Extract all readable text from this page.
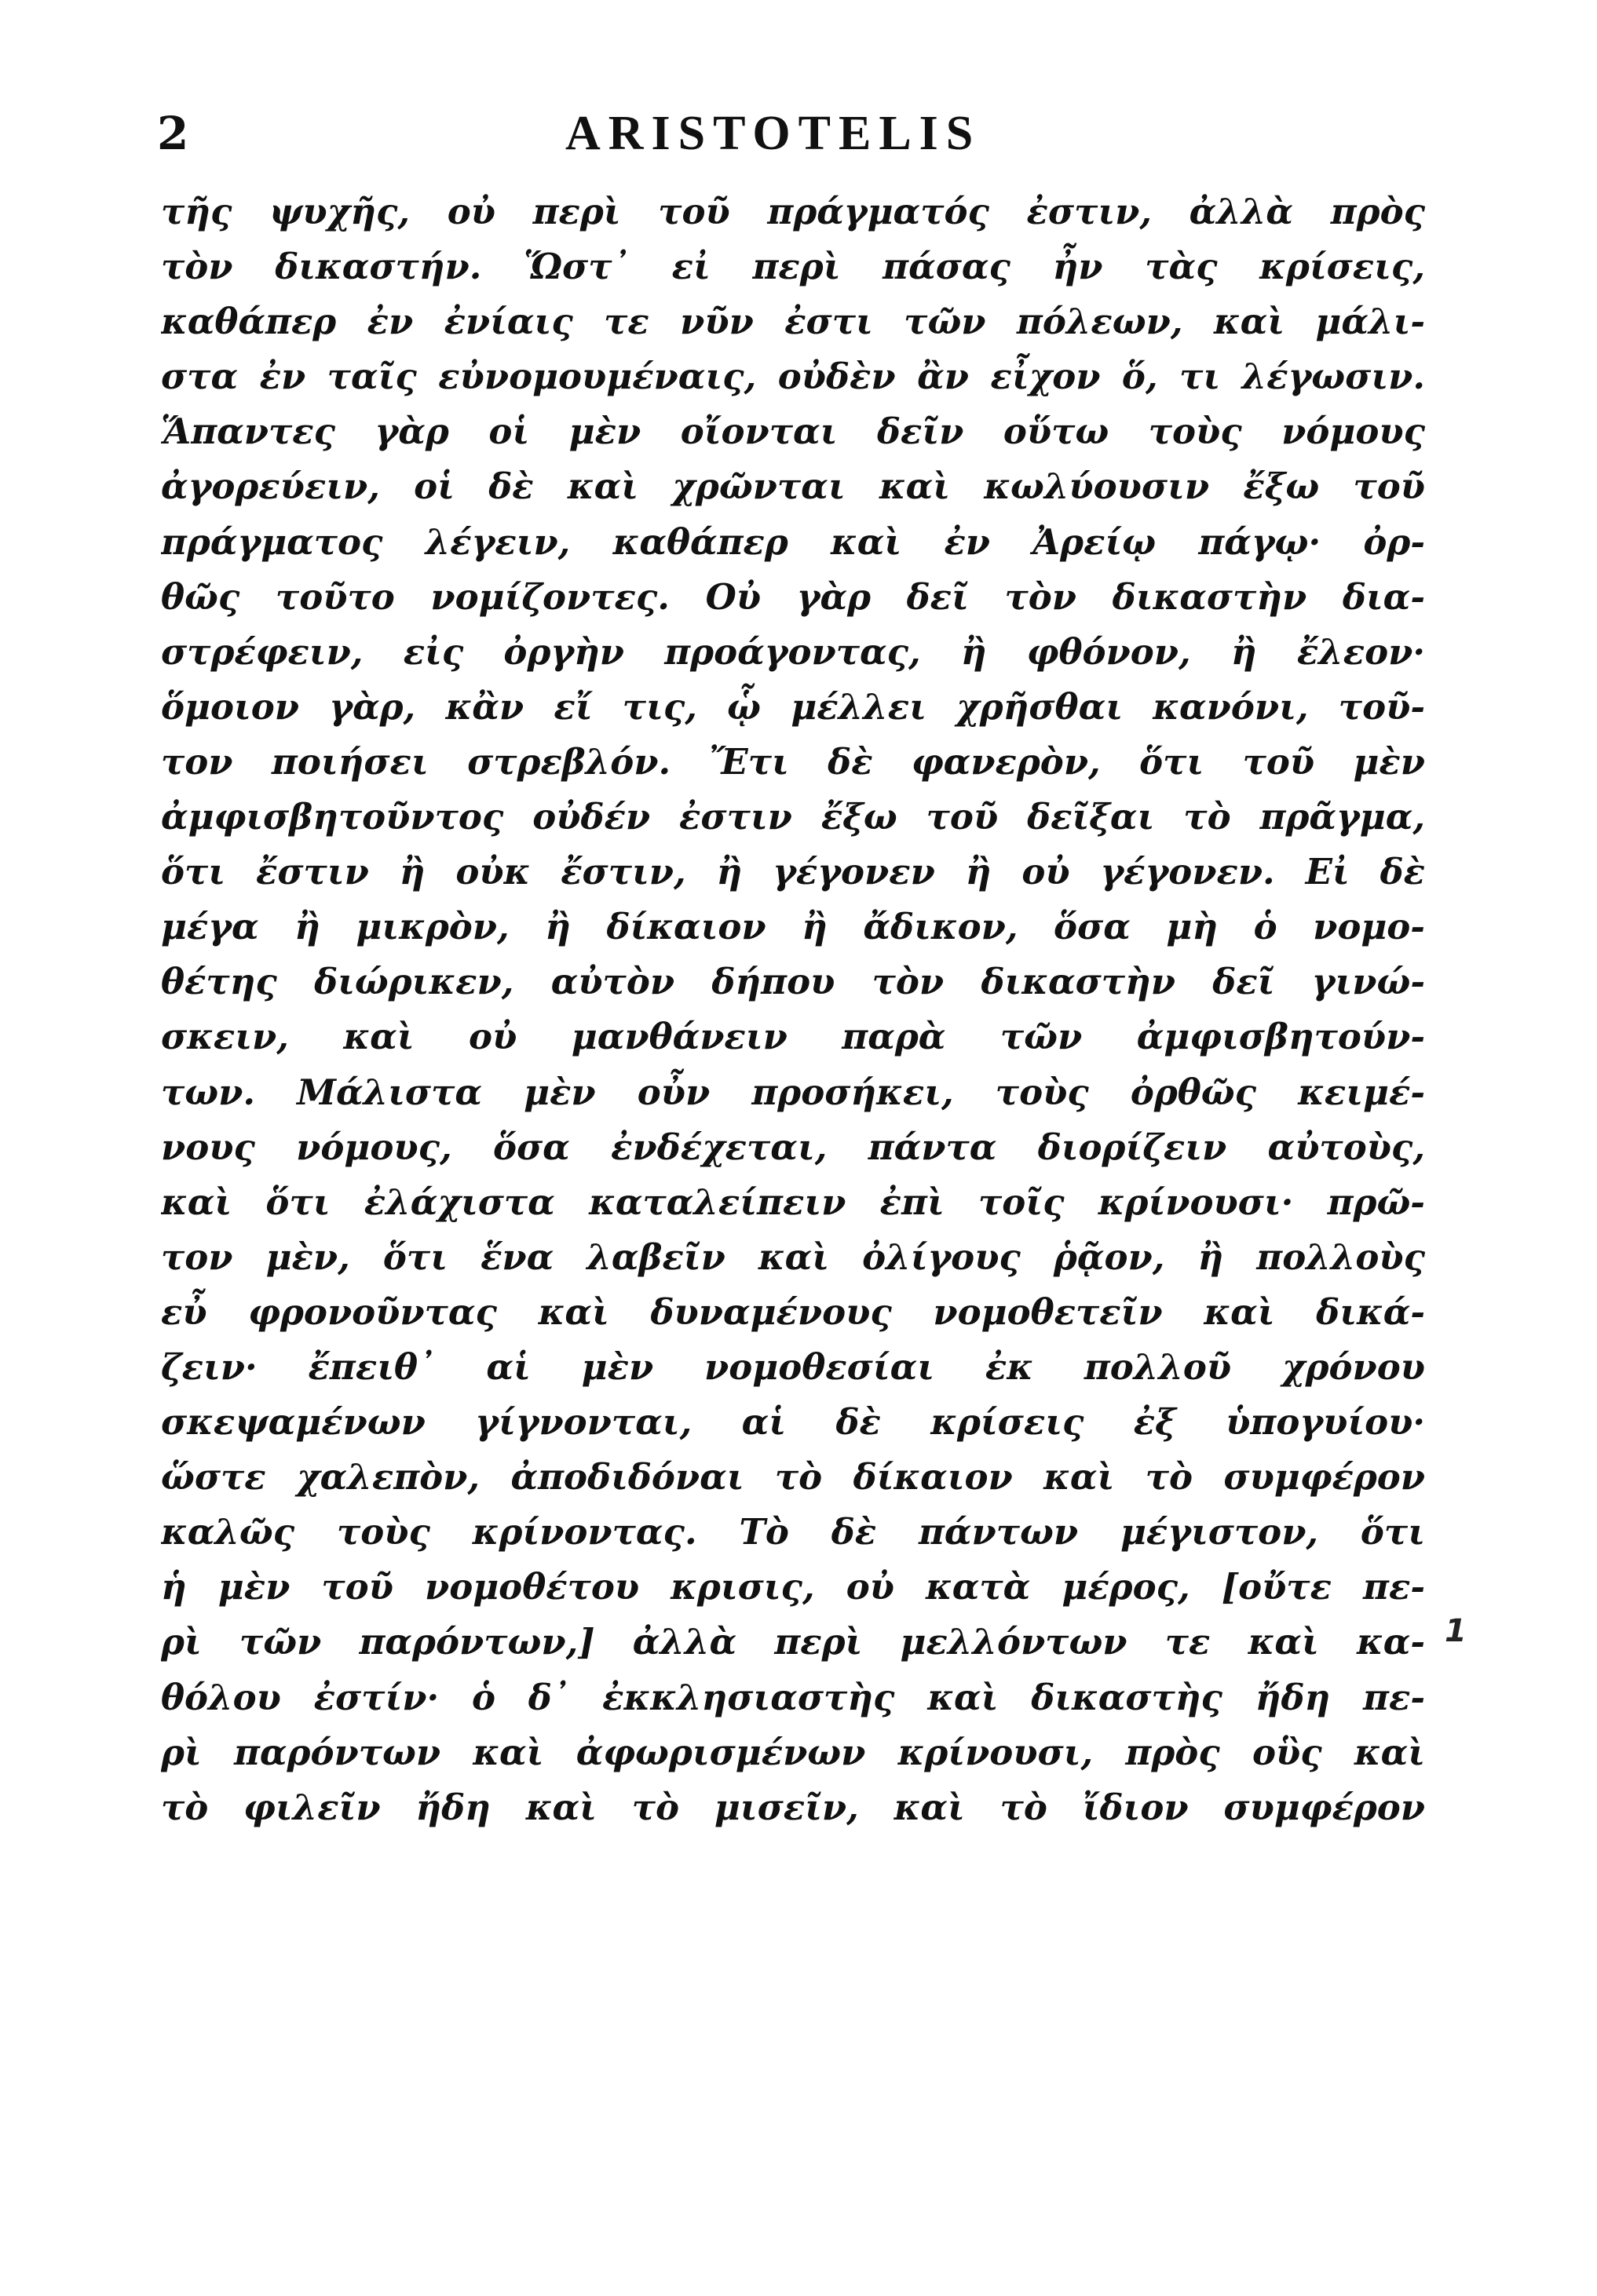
2	ARISTOTELIS
τῆς ψυχῆς, οὐ περὶ τοῦ πράγματός ἐστιν, ἀλλὰ πρὸς
τὸν δικαστήν. Ὥστ᾽ εἰ περὶ πάσας ἦν τὰς κρίσεις,
καθάπερ ἐν ἐνίαις τε νῦν ἐστι τῶν πόλεων, καὶ μάλι-
στα ἐν ταῖς εὐνομουμέναις, οὐδὲν ἂν εἶχον ὅ, τι λέγωσιν.
Ἅπαντες γὰρ οἱ μὲν οἴονται δεῖν οὕτω τοὺς νόμους
ἀγορεύειν, οἱ δὲ καὶ χρῶνται καὶ κωλύουσιν ἔξω τοῦ
πράγματος λέγειν, καθάπερ καὶ ἐν Ἀρείῳ πάγῳ· ὀρ-
θῶς τοῦτο νομίζοντες. Οὐ γὰρ δεῖ τὸν δικαστὴν δια-
στρέφειν, εἰς ὀργὴν προάγοντας, ἢ φθόνον, ἢ ἔλεον·
ὅμοιον γὰρ, κἂν εἴ τις, ᾧ μέλλει χρῆσθαι κανόνι, τοῦ-
τον ποιήσει στρεβλόν. Ἔτι δὲ φανερὸν, ὅτι τοῦ μὲν
ἀμφισβητοῦντος οὐδέν ἐστιν ἔξω τοῦ δεῖξαι τὸ πρᾶγμα,
ὅτι ἔστιν ἢ οὐκ ἔστιν, ἢ γέγονεν ἢ οὐ γέγονεν. Εἰ δὲ
μέγα ἢ μικρὸν, ἢ δίκαιον ἢ ἄδικον, ὅσα μὴ ὁ νομο-
θέτης διώρικεν, αὐτὸν δήπου τὸν δικαστὴν δεῖ γινώ-
σκειν, καὶ οὐ μανθάνειν παρὰ τῶν ἀμφισβητούν-
των. Μάλιστα μὲν οὖν προσήκει, τοὺς ὀρθῶς κειμέ-
νους νόμους, ὅσα ἐνδέχεται, πάντα διορίζειν αὐτοὺς,
καὶ ὅτι ἐλάχιστα καταλείπειν ἐπὶ τοῖς κρίνουσι· πρῶ-
τον μὲν, ὅτι ἕνα λαβεῖν καὶ ὀλίγους ῥᾷον, ἢ πολλοὺς
εὖ φρονοῦντας καὶ δυναμένους νομοθετεῖν καὶ δικά-
ζειν· ἔπειθ᾽ αἱ μὲν νομοθεσίαι ἐκ πολλοῦ χρόνου
σκεψαμένων γίγνονται, αἱ δὲ κρίσεις ἐξ ὑπογυίου·
ὥστε χαλεπὸν, ἀποδιδόναι τὸ δίκαιον καὶ τὸ συμφέρον
καλῶς τοὺς κρίνοντας. Τὸ δὲ πάντων μέγιστον, ὅτι
ἡ μὲν τοῦ νομοθέτου κρισις, οὐ κατὰ μέρος, [οὔτε πε-
ρὶ τῶν παρόντων,] ἀλλὰ περὶ μελλόντων τε καὶ κα-
θόλου ἐστίν· ὁ δ᾽ ἐκκλησιαστὴς καὶ δικαστὴς ἤδη πε-
ρὶ παρόντων καὶ ἀφωρισμένων κρίνουσι, πρὸς οὓς καὶ
τὸ φιλεῖν ἤδη καὶ τὸ μισεῖν, καὶ τὸ ἴδιον συμφέρον
1
